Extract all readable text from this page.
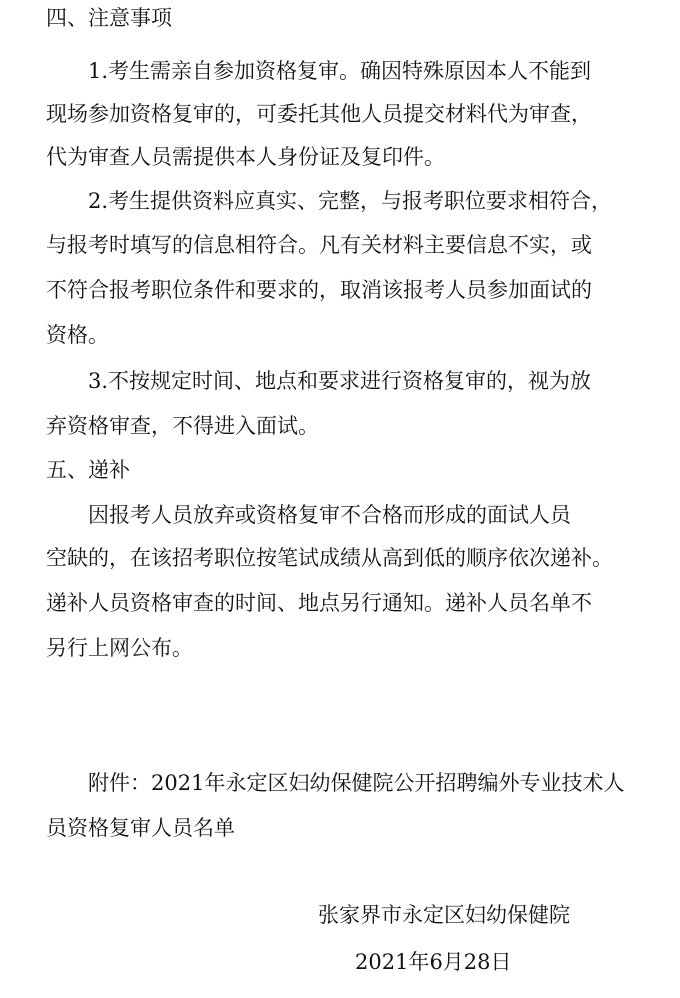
四、注意事项
1.考生需亲自参加资格复审。确因特殊原因本人不能到
现场参加资格复审的，可委托其他人员提交材料代为审查，
代为审查人员需提供本人身份证及复印件。
2.考生提供资料应真实、完整，与报考职位要求相符合，
与报考时填写的信息相符合。凡有关材料主要信息不实，或
不符合报考职位条件和要求的，取消该报考人员参加面试的
资格。
3.不按规定时间、地点和要求进行资格复审的，视为放
弃资格审查，不得进入面试。
五、递补
因报考人员放弃或资格复审不合格而形成的面试人员
空缺的，在该招考职位按笔试成绩从高到低的顺序依次递补。
递补人员资格审查的时间、地点另行通知。递补人员名单不
另行上网公布。
附件：2021年永定区妇幼保健院公开招聘编外专业技术人
员资格复审人员名单
张家界市永定区妇幼保健院
2021年6月28日
